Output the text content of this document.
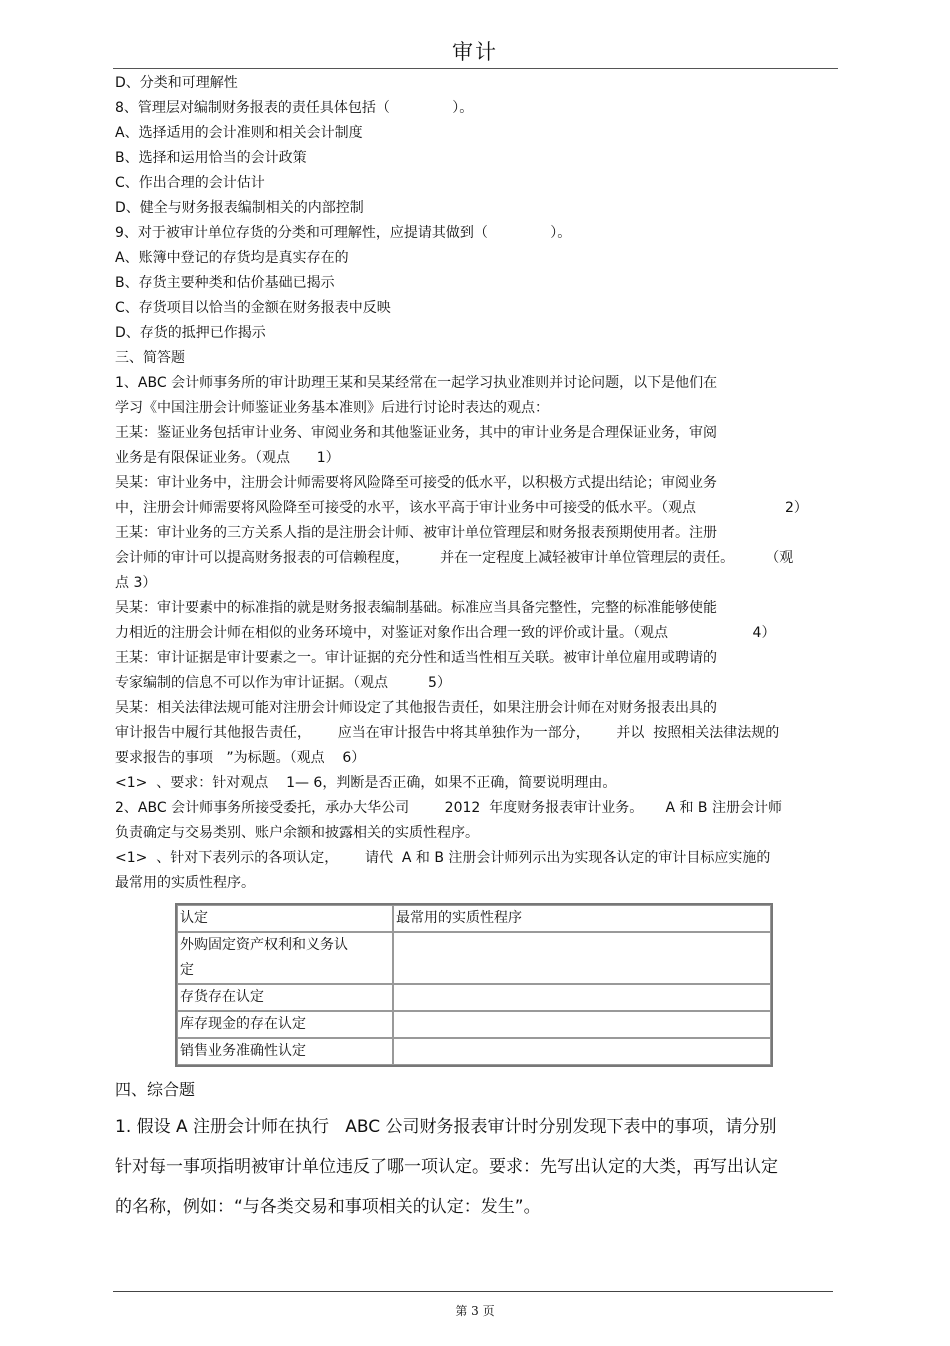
审计
D、分类和可理解性
8、管理层对编制财务报表的责任具体包括（              ）。
A、选择适用的会计准则和相关会计制度
B、选择和运用恰当的会计政策
C、作出合理的会计估计
D、健全与财务报表编制相关的内部控制
9、对于被审计单位存货的分类和可理解性，应提请其做到（              ）。
A、账簿中登记的存货均是真实存在的
B、存货主要种类和估价基础已揭示
C、存货项目以恰当的金额在财务报表中反映
D、存货的抵押已作揭示
三、简答题
1、ABC 会计师事务所的审计助理王某和吴某经常在一起学习执业准则并讨论问题，以下是他们在
学习《中国注册会计师鉴证业务基本准则》后进行讨论时表达的观点：
王某：鉴证业务包括审计业务、审阅业务和其他鉴证业务，其中的审计业务是合理保证业务，审阅
业务是有限保证业务。（观点      1）
吴某：审计业务中，注册会计师需要将风险降至可接受的低水平，以积极方式提出结论；审阅业务
中，注册会计师需要将风险降至可接受的水平，该水平高于审计业务中可接受的低水平。（观点                    2）
王某：审计业务的三方关系人指的是注册会计师、被审计单位管理层和财务报表预期使用者。注册
会计师的审计可以提高财务报表的可信赖程度，       并在一定程度上减轻被审计单位管理层的责任。       （观
点 3）
吴某：审计要素中的标准指的就是财务报表编制基础。标准应当具备完整性，完整的标准能够使能
力相近的注册会计师在相似的业务环境中，对鉴证对象作出合理一致的评价或计量。（观点                   4）
王某：审计证据是审计要素之一。审计证据的充分性和适当性相互关联。被审计单位雇用或聘请的
专家编制的信息不可以作为审计证据。（观点         5）
吴某：相关法律法规可能对注册会计师设定了其他报告责任，如果注册会计师在对财务报表出具的
审计报告中履行其他报告责任，      应当在审计报告中将其单独作为一部分，      并以  按照相关法律法规的
要求报告的事项   ”为标题。（观点    6）
<1>  、要求：针对观点    1— 6，判断是否正确，如果不正确，简要说明理由。
2、ABC 会计师事务所接受委托，承办大华公司        2012  年度财务报表审计业务。     A 和 B 注册会计师
负责确定与交易类别、账户余额和披露相关的实质性程序。
<1>  、针对下表列示的各项认定，      请代  A 和 B 注册会计师列示出为实现各认定的审计目标应实施的
最常用的实质性程序。
认定	最常用的实质性程序

外购固定资产权利和义务认
定	

存货存在认定	
库存现金的存在认定	
销售业务准确性认定	
四、综合题
1. 假设 A 注册会计师在执行   ABC 公司财务报表审计时分别发现下表中的事项，请分别
针对每一事项指明被审计单位违反了哪一项认定。要求：先写出认定的大类，再写出认定
的名称，例如：“与各类交易和事项相关的认定：发生”。
第 3 页
